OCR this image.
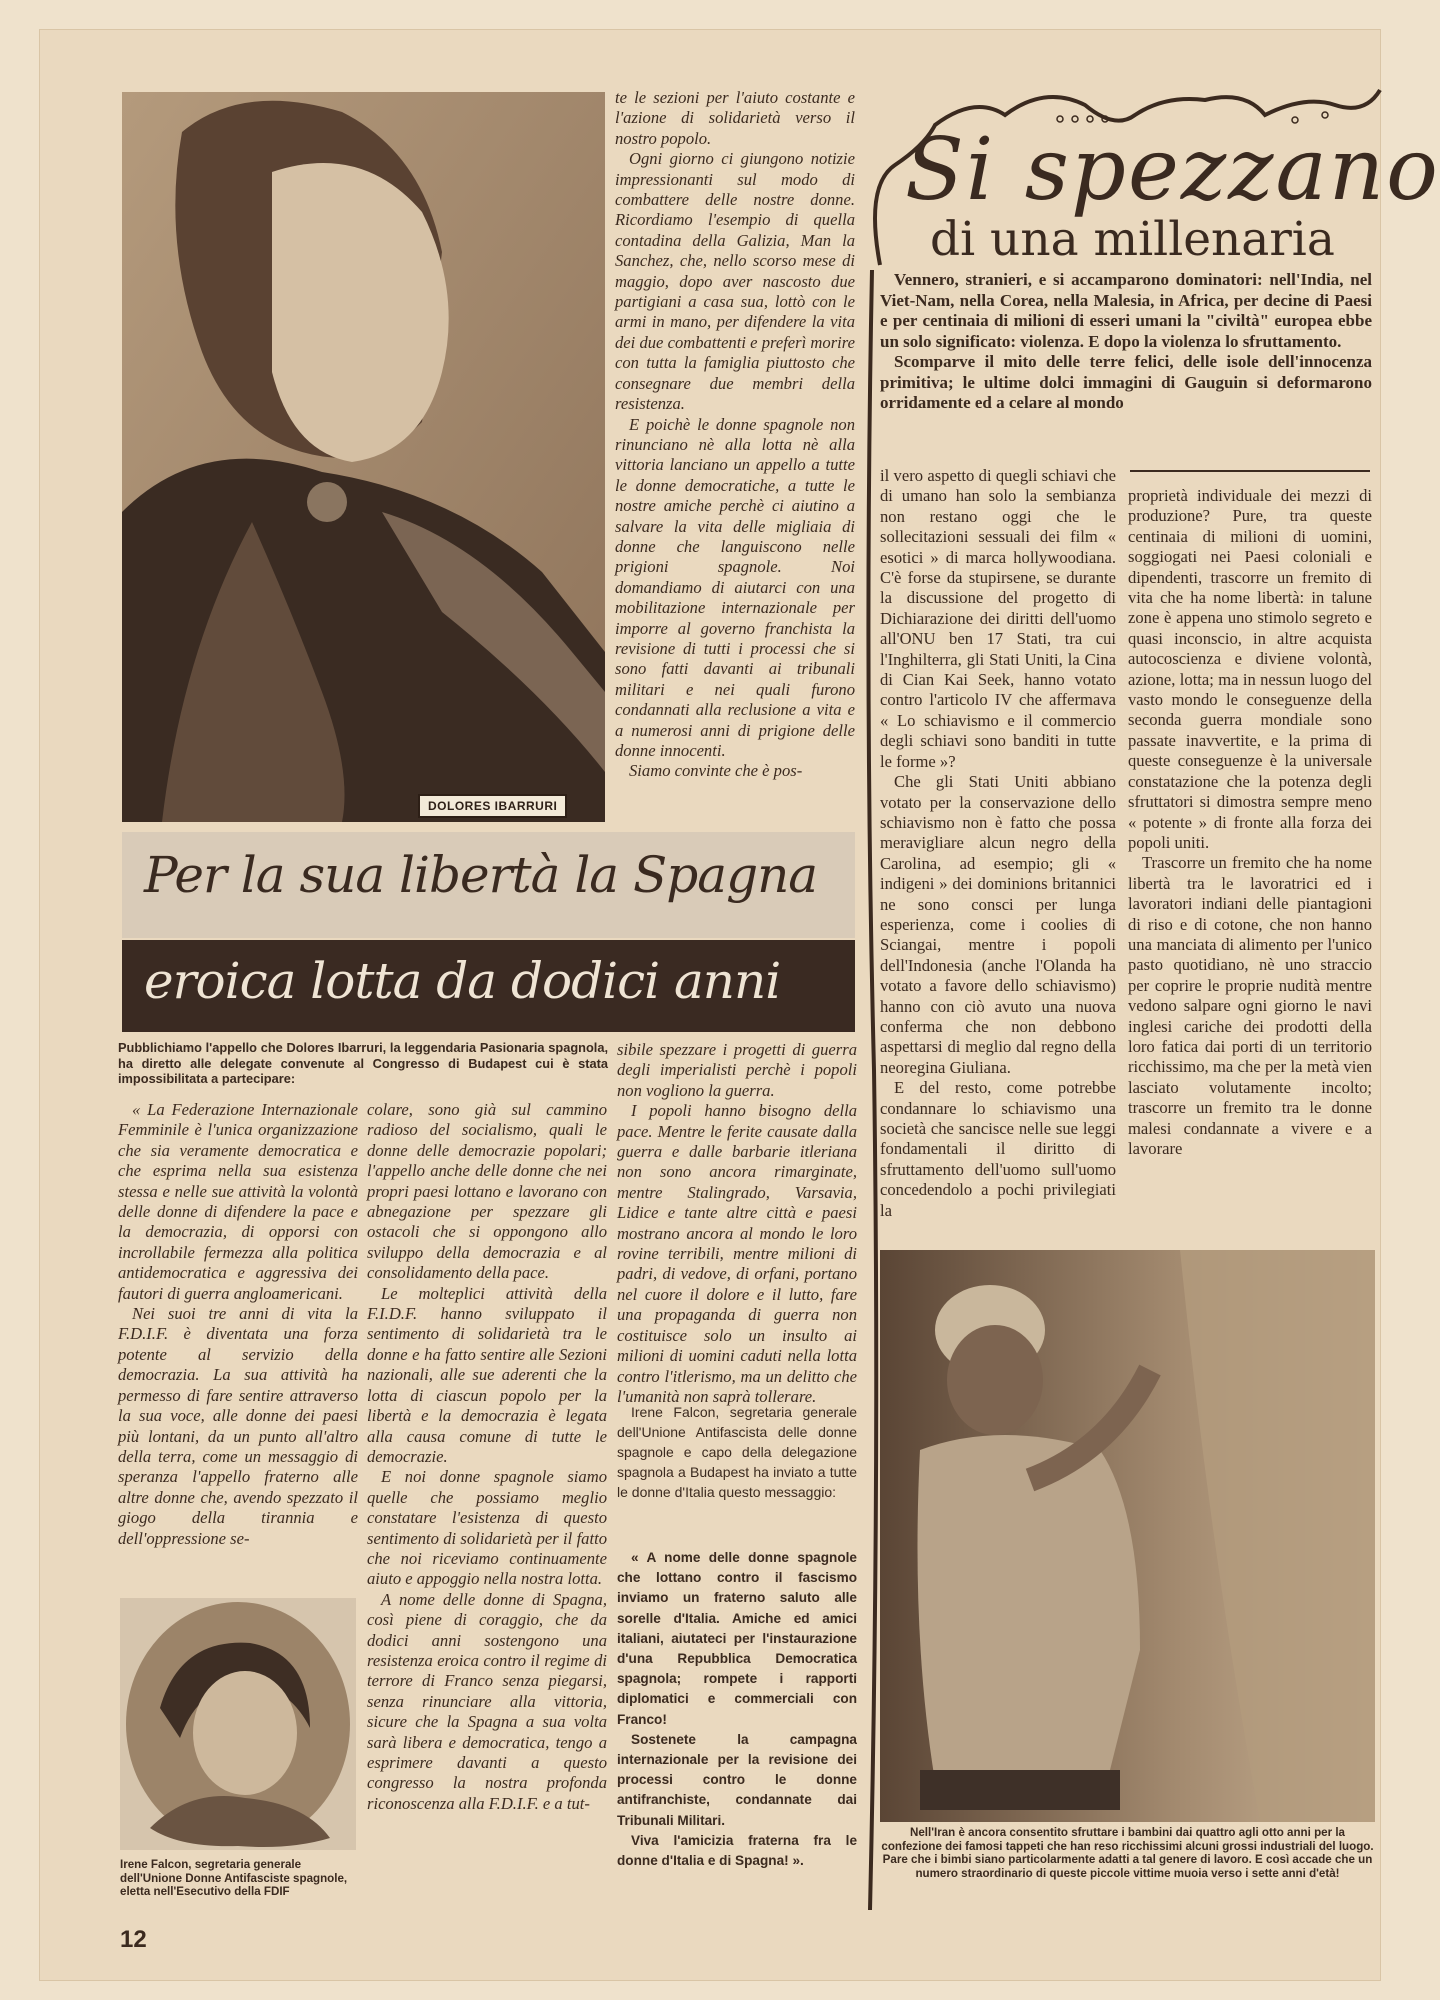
DOLORES IBARRURI

te le sezioni per l'aiuto costante e l'azione di solidarietà verso il nostro popolo.

Ogni giorno ci giungono notizie impressionanti sul modo di combattere delle nostre donne. Ricordiamo l'esempio di quella contadina della Galizia, Man la Sanchez, che, nello scorso mese di maggio, dopo aver nascosto due partigiani a casa sua, lottò con le armi in mano, per difendere la vita dei due combattenti e preferì morire con tutta la famiglia piuttosto che consegnare due membri della resistenza.

E poichè le donne spagnole non rinunciano nè alla lotta nè alla vittoria lanciano un appello a tutte le donne democratiche, a tutte le nostre amiche perchè ci aiutino a salvare la vita delle migliaia di donne che languiscono nelle prigioni spagnole. Noi domandiamo di aiutarci con una mobilitazione internazionale per imporre al governo franchista la revisione di tutti i processi che si sono fatti davanti ai tribunali militari e nei quali furono condannati alla reclusione a vita e a numerosi anni di prigione delle donne innocenti.

Siamo convinte che è pos-

Per la sua libertà la Spagna
eroica lotta da dodici anni

Pubblichiamo l'appello che Dolores Ibarruri, la leggendaria Pasionaria spagnola, ha diretto alle delegate convenute al Congresso di Budapest cui è stata impossibilitata a partecipare:

« La Federazione Internazionale Femminile è l'unica organizzazione che sia veramente democratica e che esprima nella sua esistenza stessa e nelle sue attività la volontà delle donne di difendere la pace e la democrazia, di opporsi con incrollabile fermezza alla politica antidemocratica e aggressiva dei fautori di guerra angloamericani.

Nei suoi tre anni di vita la F.D.I.F. è diventata una forza potente al servizio della democrazia. La sua attività ha permesso di fare sentire attraverso la sua voce, alle donne dei paesi più lontani, da un punto all'altro della terra, come un messaggio di speranza l'appello fraterno alle altre donne che, avendo spezzato il giogo della tirannia e dell'oppressione se-

colare, sono già sul cammino radioso del socialismo, quali le donne delle democrazie popolari; l'appello anche delle donne che nei propri paesi lottano e lavorano con abnegazione per spezzare gli ostacoli che si oppongono allo sviluppo della democrazia e al consolidamento della pace.

Le molteplici attività della F.I.D.F. hanno sviluppato il sentimento di solidarietà tra le donne e ha fatto sentire alle Sezioni nazionali, alle sue aderenti che la lotta di ciascun popolo per la libertà e la democrazia è legata alla causa comune di tutte le democrazie.

E noi donne spagnole siamo quelle che possiamo meglio constatare l'esistenza di questo sentimento di solidarietà per il fatto che noi riceviamo continuamente aiuto e appoggio nella nostra lotta.

A nome delle donne di Spagna, così piene di coraggio, che da dodici anni sostengono una resistenza eroica contro il regime di terrore di Franco senza piegarsi, senza rinunciare alla vittoria, sicure che la Spagna a sua volta sarà libera e democratica, tengo a esprimere davanti a questo congresso la nostra profonda riconoscenza alla F.D.I.F. e a tut-

sibile spezzare i progetti di guerra degli imperialisti perchè i popoli non vogliono la guerra.

I popoli hanno bisogno della pace. Mentre le ferite causate dalla guerra e dalle barbarie itleriana non sono ancora rimarginate, mentre Stalingrado, Varsavia, Lidice e tante altre città e paesi mostrano ancora al mondo le loro rovine terribili, mentre milioni di padri, di vedove, di orfani, portano nel cuore il dolore e il lutto, fare una propaganda di guerra non costituisce solo un insulto ai milioni di uomini caduti nella lotta contro l'itlerismo, ma un delitto che l'umanità non saprà tollerare.

Irene Falcon, segretaria generale dell'Unione Antifascista delle donne spagnole e capo della delegazione spagnola a Budapest ha inviato a tutte le donne d'Italia questo messaggio:

« A nome delle donne spagnole che lottano contro il fascismo inviamo un fraterno saluto alle sorelle d'Italia. Amiche ed amici italiani, aiutateci per l'instaurazione d'una Repubblica Democratica spagnola; rompete i rapporti diplomatici e commerciali con Franco!

Sostenete la campagna internazionale per la revisione dei processi contro le donne antifranchiste, condannate dai Tribunali Militari.

Viva l'amicizia fraterna fra le donne d'Italia e di Spagna! ».

Irene Falcon, segretaria generale dell'Unione Donne Antifasciste spagnole, eletta nell'Esecutivo della FDIF
12
Si spezzano
di una millenaria

Vennero, stranieri, e si accamparono dominatori: nell'India, nel Viet-Nam, nella Corea, nella Malesia, in Africa, per decine di Paesi e per centinaia di milioni di esseri umani la "civiltà" europea ebbe un solo significato: violenza. E dopo la violenza lo sfruttamento.

Scomparve il mito delle terre felici, delle isole dell'innocenza primitiva; le ultime dolci immagini di Gauguin si deformarono orridamente ed a celare al mondo

il vero aspetto di quegli schiavi che di umano han solo la sembianza non restano oggi che le sollecitazioni sessuali dei film « esotici » di marca hollywoodiana. C'è forse da stupirsene, se durante la discussione del progetto di Dichiarazione dei diritti dell'uomo all'ONU ben 17 Stati, tra cui l'Inghilterra, gli Stati Uniti, la Cina di Cian Kai Seek, hanno votato contro l'articolo IV che affermava « Lo schiavismo e il commercio degli schiavi sono banditi in tutte le forme »?

Che gli Stati Uniti abbiano votato per la conservazione dello schiavismo non è fatto che possa meravigliare alcun negro della Carolina, ad esempio; gli « indigeni » dei dominions britannici ne sono consci per lunga esperienza, come i coolies di Sciangai, mentre i popoli dell'Indonesia (anche l'Olanda ha votato a favore dello schiavismo) hanno con ciò avuto una nuova conferma che non debbono aspettarsi di meglio dal regno della neoregina Giuliana.

E del resto, come potrebbe condannare lo schiavismo una società che sancisce nelle sue leggi fondamentali il diritto di sfruttamento dell'uomo sull'uomo concedendolo a pochi privilegiati la

proprietà individuale dei mezzi di produzione? Pure, tra queste centinaia di milioni di uomini, soggiogati nei Paesi coloniali e dipendenti, trascorre un fremito di vita che ha nome libertà: in talune zone è appena uno stimolo segreto e quasi inconscio, in altre acquista autocoscienza e diviene volontà, azione, lotta; ma in nessun luogo del vasto mondo le conseguenze della seconda guerra mondiale sono passate inavvertite, e la prima di queste conseguenze è la universale constatazione che la potenza degli sfruttatori si dimostra sempre meno « potente » di fronte alla forza dei popoli uniti.

Trascorre un fremito che ha nome libertà tra le lavoratrici ed i lavoratori indiani delle piantagioni di riso e di cotone, che non hanno una manciata di alimento per l'unico pasto quotidiano, nè uno straccio per coprire le proprie nudità mentre vedono salpare ogni giorno le navi inglesi cariche dei prodotti della loro fatica dai porti di un territorio ricchissimo, ma che per la metà vien lasciato volutamente incolto; trascorre un fremito tra le donne malesi condannate a vivere e a lavorare

Nell'Iran è ancora consentito sfruttare i bambini dai quattro agli otto anni per la confezione dei famosi tappeti che han reso ricchissimi alcuni grossi industriali del luogo. Pare che i bimbi siano particolarmente adatti a tal genere di lavoro. E così accade che un numero straordinario di queste piccole vittime muoia verso i sette anni d'età!
